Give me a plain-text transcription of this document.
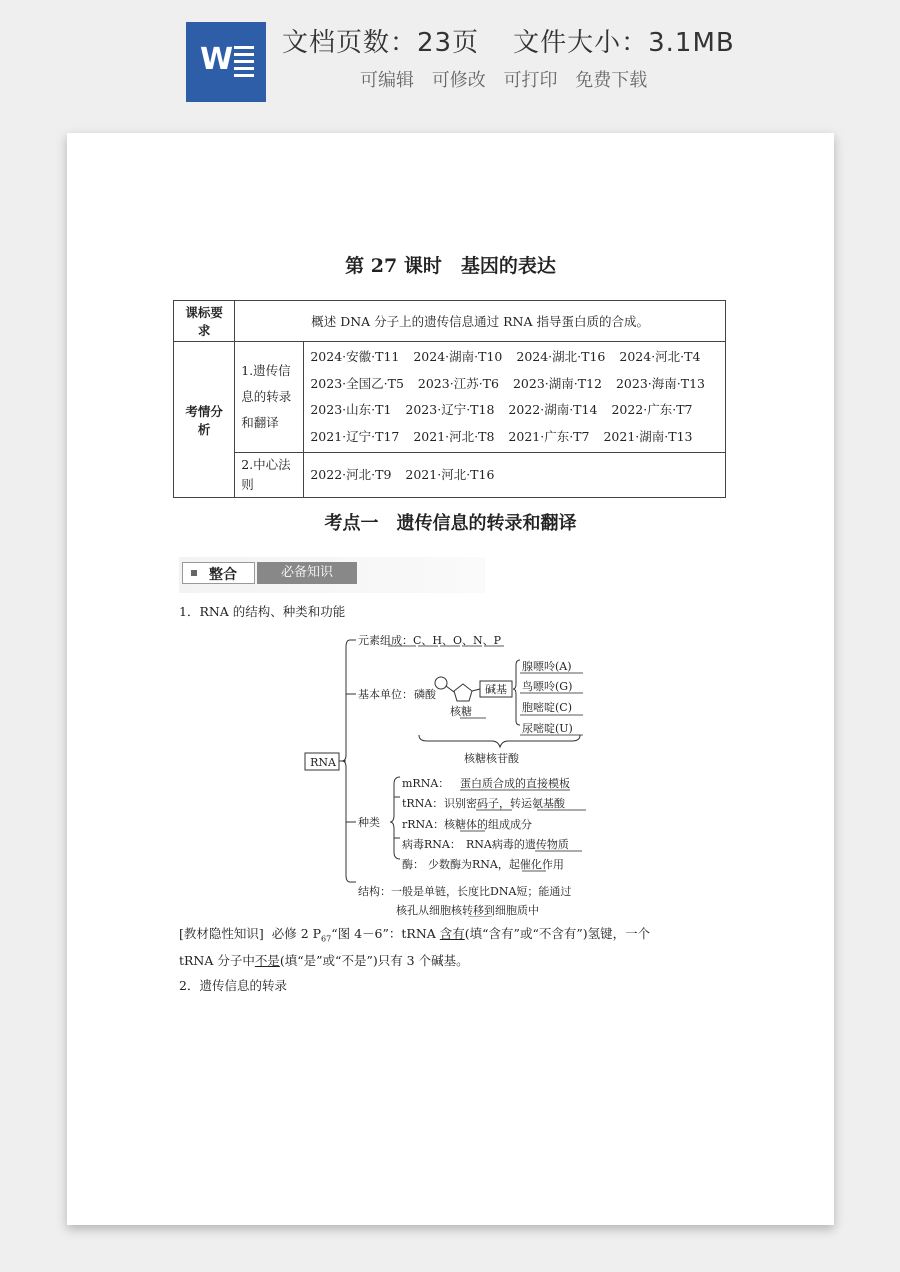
W 文档页数：23页 文件大小：3.1MB
可编辑 可修改 可打印 免费下载
第 27 课时　基因的表达
课标要求	概述 DNA 分子上的遗传信息通过 RNA 指导蛋白质的合成。	
考情分析	1.遗传信息的转录和翻译	2024·安徽·T11 2024·湖南·T10 2024·湖北·T16 2024·河北·T4
2023·全国乙·T5 2023·江苏·T6 2023·湖南·T12 2023·海南·T13
2023·山东·T1 2023·辽宁·T18 2022·湖南·T14 2022·广东·T7
2021·辽宁·T17 2021·河北·T8 2021·广东·T7 2021·湖南·T13

	2.中心法则	2022·河北·T9 2021·河北·T16
考点一　遗传信息的转录和翻译
整合	必备知识
1．RNA 的结构、种类和功能
RNA
元素组成：C、H、O、N、P
基本单位： 磷酸
核糖
碱基
腺嘌呤(A)
鸟嘌呤(G)
胞嘧啶(C)
尿嘧啶(U)
核糖核苷酸
种类
mRNA： 蛋白质合成的直接模板
tRNA： 识别密码子，转运氨基酸
rRNA： 核糖体的组成成分
病毒RNA： RNA病毒的遗传物质
酶： 少数酶为RNA，起催化作用
结构：一般是单链，长度比DNA短；能通过
核孔从细胞核转移到细胞质中
[教材隐性知识] 必修 2 $P_{67}“$图 4－6”：tRNA 含有(填“含有”或“不含有”)氢键，一个
tRNA 分子中不是(填“是”或“不是”)只有 3 个碱基。
2．遗传信息的转录
